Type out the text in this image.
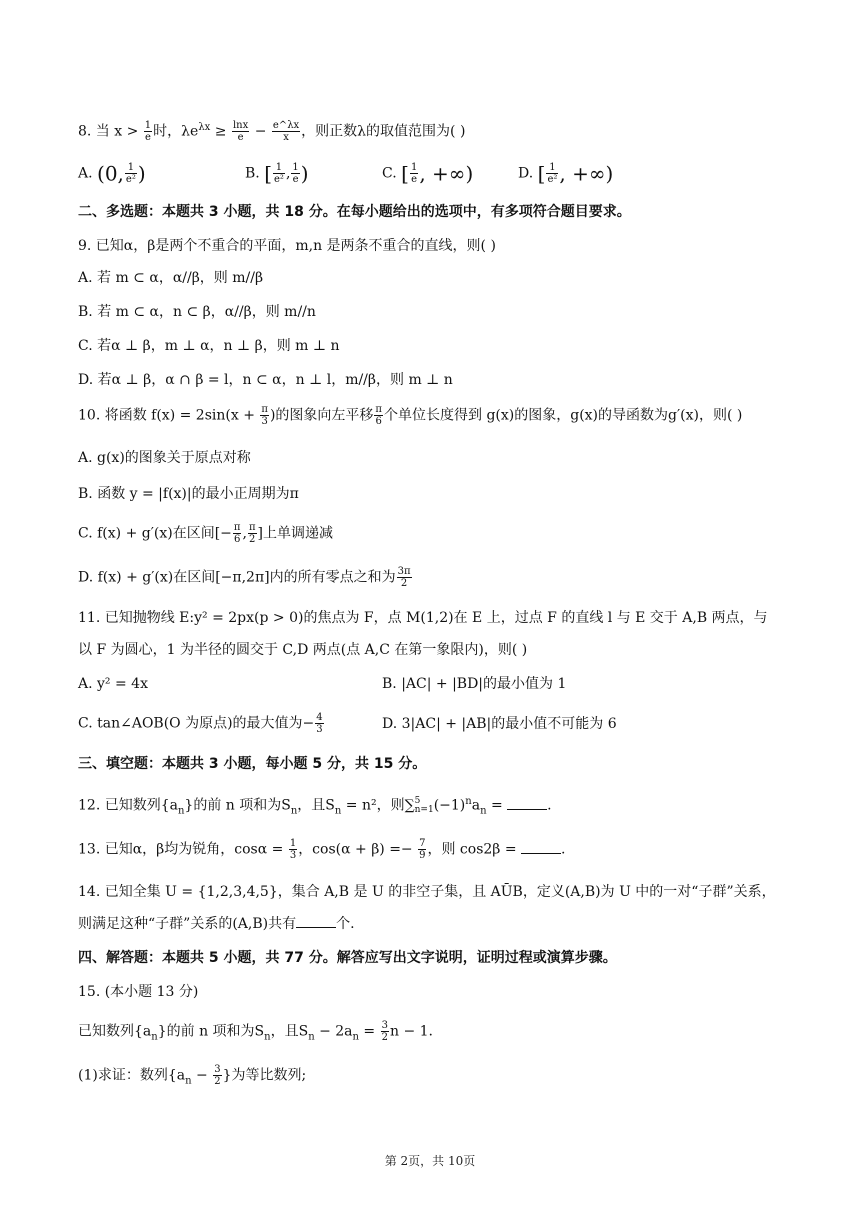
8. 当 $x > \frac{1}{e}$ 时，$\lambda e^{\lambda x} \ge \frac{\ln x}{e} - \frac{e\^{}\lambda x}{x}$ ，则正数λ的取值范围为( )
A. (0, $\frac{1}{\text{e²}}$ )	B. [ $\frac{1}{\text{e²}}$ , $\frac{1}{e}$ )	C. [ $\frac{1}{e}$ , +∞)	D. [ $\frac{1}{\text{e²}}$ , +∞)
二、多选题：本题共 3 小题，共 18 分。在每小题给出的选项中，有多项符合题目要求。
9. 已知α，β是两个不重合的平面，m,n 是两条不重合的直线，则( )
A. 若 m ⊂ α，α//β，则 m//β
B. 若 m ⊂ α，n ⊂ β，α//β，则 m//n
C. 若α ⊥ β，m ⊥ α，n ⊥ β，则 m ⊥ n
D. 若α ⊥ β，α ∩ β = l，n ⊂ α，n ⊥ l，m//β，则 m ⊥ n
10. 将函数 $f(x) = 2\sin(x + \frac{\pi}{3}$ )的图象向左平移 $\frac{\pi}{6}$ 个单位长度得到 g(x)的图象，g(x)的导函数为g′(x)，则( )
A. g(x)的图象关于原点对称
B. 函数 y = |f(x)|的最小正周期为π
C. f(x) + g′(x)在区间[− $\frac{\pi}{6}$ , $\frac{\pi}{2}$ ]上单调递减
D. f(x) + g′(x)在区间[−π,2π]内的所有零点之和为 $\frac{3\pi}{2}$
11. 已知抛物线 E:y² = 2px(p > 0)的焦点为 F，点 M(1,2)在 E 上，过点 F 的直线 l 与 E 交于 A,B 两点，与
以 F 为圆心，1 为半径的圆交于 C,D 两点(点 A,C 在第一象限内)，则( )
A. y² = 4x	B. |AC| + |BD|的最小值为 1
C. tan∠AOB(O 为原点)的最大值为− $\frac{4}{3}$	D. 3|AC| + |AB|的最小值不可能为 6
三、填空题：本题共 3 小题，每小题 5 分，共 15 分。
12. 已知数列$\{a_n\}$的前 n 项和为$S_n$，且$S_n = n^2$，则∑ 5
n=1 $(-1)^na_n$ =	.
13. 已知α，β均为锐角，$\cos\alpha = \frac{1}{3}$ ，$\cos(\alpha + \beta) =- \frac{7}{9}$ ，则 cos2β =	.
14. 已知全集 U = {1,2,3,4,5}，集合 A,B 是 U 的非空子集，且 AŪB，定义(A,B)为 U 中的一对“子群”关系，
则满足这种“子群”关系的(A,B)共有	个.
四、解答题：本题共 5 小题，共 77 分。解答应写出文字说明，证明过程或演算步骤。
15. (本小题 13 分)
已知数列$\{a_n\}$的前 n 项和为$S_n$，且$S_n - 2a_n = \frac{3}{2}$ n − 1.
(1)求证：数列{$a_n - \frac{3}{2}$ }为等比数列;
第 2页，共 10页
